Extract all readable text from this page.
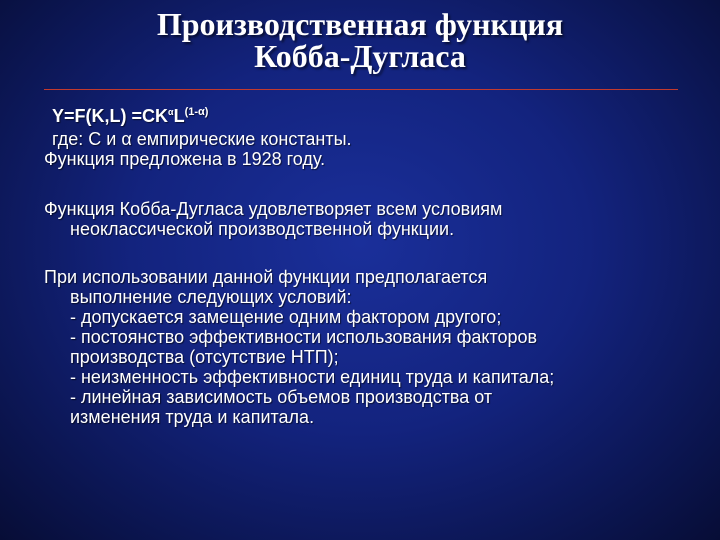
Производственная функция
Кобба-Дугласа
$Y=F(K,L) =CK^\alpha L^{(1-\alpha)}$
где: С и α емпирические константы.
Функция предложена в 1928 году.
Функция Кобба-Дугласа удовлетворяет всем условиям
неоклассической производственной функции.
При использовании данной функции предполагается
выполнение следующих условий:
- допускается замещение одним фактором другого;
- постоянство эффективности использования факторов
производства (отсутствие НТП);
- неизменность эффективности единиц труда и капитала;
- линейная зависимость объемов производства от
изменения труда и капитала.
